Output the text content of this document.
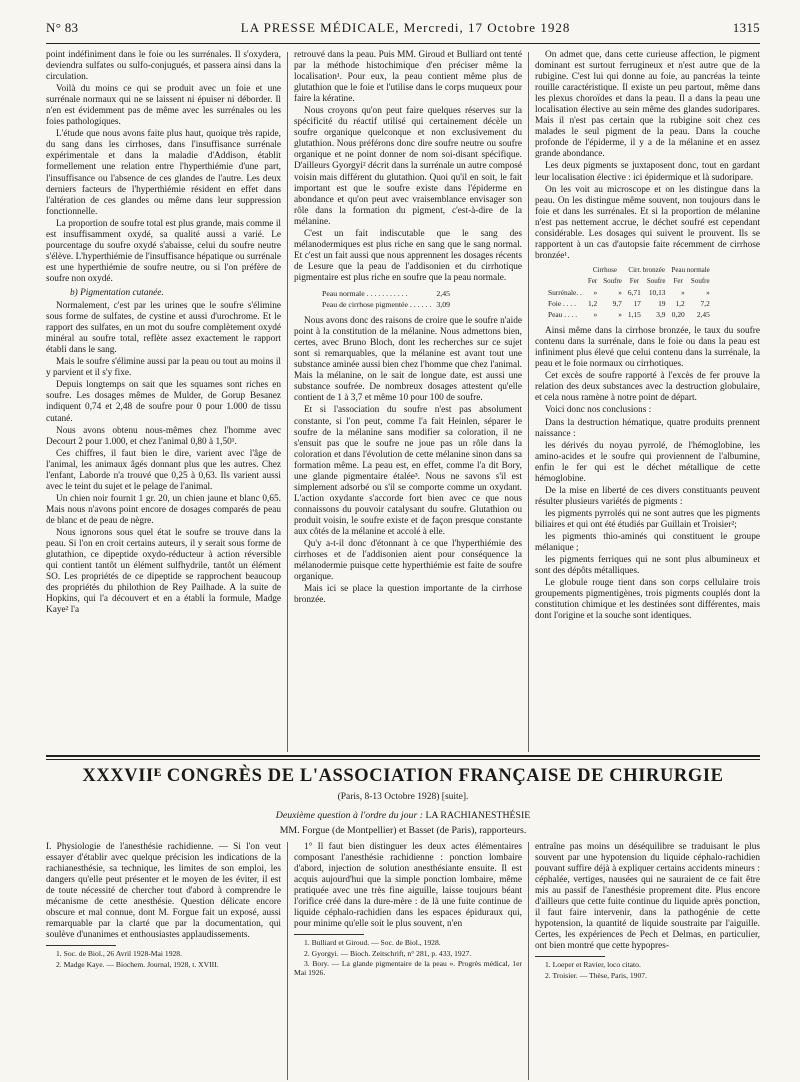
N° 83	LA PRESSE MÉDICALE, Mercredi, 17 Octobre 1928	1315

point indéfiniment dans le foie ou les surrénales. Il s'oxydera, deviendra sulfates ou sulfo-conjugués, et passera ainsi dans la circulation.

Voilà du moins ce qui se produit avec un foie et une surrénale normaux qui ne se laissent ni épuiser ni déborder. Il n'en est évidemment pas de même avec les surrénales ou les foies pathologiques.

L'étude que nous avons faite plus haut, quoique très rapide, du sang dans les cirrhoses, dans l'insuffisance surrénale expérimentale et dans la maladie d'Addison, établit formellement une relation entre l'hyperthiémie d'une part, l'insuffisance ou l'absence de ces glandes de l'autre. Les deux derniers facteurs de l'hyperthiémie résident en effet dans l'altération de ces glandes ou même dans leur suppression fonctionnelle.

La proportion de soufre total est plus grande, mais comme il est insuffisamment oxydé, sa qualité aussi a varié. Le pourcentage du soufre oxydé s'abaisse, celui du soufre neutre s'élève. L'hyperthiémie de l'insuffisance hépatique ou surrénale est une hyperthiémie de soufre neutre, ou si l'on préfère de soufre non oxydé.

b) Pigmentation cutanée.

Normalement, c'est par les urines que le soufre s'élimine sous forme de sulfates, de cystine et aussi d'urochrome. Et le rapport des sulfates, en un mot du soufre complètement oxydé minéral au soufre total, reflète assez exactement le rapport établi dans le sang.

Mais le soufre s'élimine aussi par la peau ou tout au moins il y parvient et il s'y fixe.

Depuis longtemps on sait que les squames sont riches en soufre. Les dosages mêmes de Mulder, de Gorup Besanez indiquent 0,74 et 2,48 de soufre pour 0 pour 1.000 de tissu cutané.

Nous avons obtenu nous-mêmes chez l'homme avec Decourt 2 pour 1.000, et chez l'animal 0,80 à 1,50¹.

Ces chiffres, il faut bien le dire, varient avec l'âge de l'animal, les animaux âgés donnant plus que les autres. Chez l'enfant, Laborde n'a trouvé que 0,25 à 0,63. Ils varient aussi avec le teint du sujet et le pelage de l'animal.

Un chien noir fournit 1 gr. 20, un chien jaune et blanc 0,65. Mais nous n'avons point encore de dosages comparés de peau de blanc et de peau de nègre.

Nous ignorons sous quel état le soufre se trouve dans la peau. Si l'on en croit certains auteurs, il y serait sous forme de glutathion, ce dipeptide oxydo-réducteur à action réversible qui contient tantôt un élément sulfhydrile, tantôt un élément SO. Les propriétés de ce dipeptide se rapprochent beaucoup des propriétés du philothion de Rey Pailhade. A la suite de Hopkins, qui l'a découvert et en a établi la formule, Madge Kaye² l'a

retrouvé dans la peau. Puis MM. Giroud et Bulliard ont tenté par la méthode histochimique d'en préciser même la localisation¹. Pour eux, la peau contient même plus de glutathion que le foie et l'utilise dans le corps muqueux pour faire la kératine.

Nous croyons qu'on peut faire quelques réserves sur la spécificité du réactif utilisé qui certainement décèle un soufre organique quelconque et non exclusivement du glutathion. Nous préférons donc dire soufre neutre ou soufre organique et ne point donner de nom soi-disant spécifique. D'ailleurs Gyorgyi² décrit dans la surrénale un autre composé voisin mais différent du glutathion. Quoi qu'il en soit, le fait important est que le soufre existe dans l'épiderme en abondance et qu'on peut avec vraisemblance envisager son rôle dans la formation du pigment, c'est-à-dire de la mélanine.

C'est un fait indiscutable que le sang des mélanodermiques est plus riche en sang que le sang normal. Et c'est un fait aussi que nous apprennent les dosages récents de Lesure que la peau de l'addisonien et du cirrhotique pigmentaire est plus riche en soufre que la peau normale.

Peau normale . . . . . . . . . . .	2,45
Peau de cirrhose pigmentée . . . . . .	3,09

Nous avons donc des raisons de croire que le soufre n'aide point à la constitution de la mélanine. Nous admettons bien, certes, avec Bruno Bloch, dont les recherches sur ce sujet sont si remarquables, que la mélanine est avant tout une substance aminée aussi bien chez l'homme que chez l'animal. Mais la mélanine, on le sait de longue date, est aussi une substance soufrée. De nombreux dosages attestent qu'elle contient de 1 à 3,7 et même 10 pour 100 de soufre.

Et si l'association du soufre n'est pas absolument constante, si l'on peut, comme l'a fait Heinlen, séparer le soufre de la mélanine sans modifier sa coloration, il ne s'ensuit pas que le soufre ne joue pas un rôle dans la coloration et dans l'évolution de cette mélanine sinon dans sa formation même. La peau est, en effet, comme l'a dit Bory, une glande pigmentaire étalée³. Nous ne savons s'il est simplement adsorbé ou s'il se comporte comme un oxydant. L'action oxydante s'accorde fort bien avec ce que nous connaissons du pouvoir catalysant du soufre. Glutathion ou produit voisin, le soufre existe et de façon presque constante aux côtés de la mélanine et accolé à elle.

Qu'y a-t-il donc d'étonnant à ce que l'hyperthiémie des cirrhoses et de l'addisonien aient pour conséquence la mélanodermie puisque cette hyperthiémie est faite de soufre organique.

Mais ici se place la question importante de la cirrhose bronzée.

On admet que, dans cette curieuse affection, le pigment dominant est surtout ferrugineux et n'est autre que de la rubigine. C'est lui qui donne au foie, au pancréas la teinte rouille caractéristique. Il existe un peu partout, même dans les plexus choroïdes et dans la peau. Il a dans la peau une localisation élective au sein même des glandes sudoripares. Mais il n'est pas certain que la rubigine soit chez ces malades le seul pigment de la peau. Dans la couche profonde de l'épiderme, il y a de la mélanine et en assez grande abondance.

Les deux pigments se juxtaposent donc, tout en gardant leur localisation élective : ici épidermique et là sudoripare.

On les voit au microscope et on les distingue dans la peau. On les distingue même souvent, non toujours dans le foie et dans les surrénales. Et si la proportion de mélanine n'est pas nettement accrue, le déchet soufré est cependant considérable. Les dosages qui suivent le prouvent. Ils se rapportent à un cas d'autopsie faite récemment de cirrhose bronzée¹.

	Cirrhose		Cirr. bronzée		Peau normale	
	Fer	Soufre	Fer	Soufre	Fer	Soufre
Surrénale. .	»	»	6,71	10,13	»	»
Foie . . . .	1,2	9,7	17	19	1,2	7,2
Peau . . . .	»	»	1,15	3,9	0,20	2,45

Ainsi même dans la cirrhose bronzée, le taux du soufre contenu dans la surrénale, dans le foie ou dans la peau est infiniment plus élevé que celui contenu dans la surrénale, la peau et le foie normaux ou cirrhotiques.

Cet excès de soufre rapporté à l'excès de fer prouve la relation des deux substances avec la destruction globulaire, et cela nous ramène à notre point de départ.

Voici donc nos conclusions :

Dans la destruction hématique, quatre produits prennent naissance :

les dérivés du noyau pyrrolé, de l'hémoglobine, les amino-acides et le soufre qui proviennent de l'albumine, enfin le fer qui est le déchet métallique de cette hémoglobine.

De la mise en liberté de ces divers constituants peuvent résulter plusieurs variétés de pigments :

les pigments pyrrolés qui ne sont autres que les pigments biliaires et qui ont été étudiés par Guillain et Troisier²;

les pigments thio-aminés qui constituent le groupe mélanique ;

les pigments ferriques qui ne sont plus albumineux et sont des dépôts métalliques.

Le globule rouge tient dans son corps cellulaire trois groupements pigmentigènes, trois pigments couplés dont la constitution chimique et les destinées sont différentes, mais dont l'origine et la souche sont identiques.

XXXVIIᴱ CONGRÈS DE L'ASSOCIATION FRANÇAISE DE CHIRURGIE
(Paris, 8-13 Octobre 1928) [suite].
Deuxième question à l'ordre du jour : LA RACHIANESTHÉSIE
MM. Forgue (de Montpellier) et Basset (de Paris), rapporteurs.

I. Physiologie de l'anesthésie rachidienne. — Si l'on veut essayer d'établir avec quelque précision les indications de la rachianesthésie, sa technique, les limites de son emploi, les dangers qu'elle peut présenter et le moyen de les éviter, il est de toute nécessité de chercher tout d'abord à comprendre le mécanisme de cette anesthésie. Question délicate encore obscure et mal connue, dont M. Forgue fait un exposé, aussi remarquable par la clarté que par la documentation, qui soulève d'unanimes et enthousiastes applaudissements.

1. Soc. de Biol., 26 Avril 1928-Mai 1928.

2. Madge Kaye. — Biochem. Journal, 1928, t. XVIII.

1° Il faut bien distinguer les deux actes élémentaires composant l'anesthésie rachidienne : ponction lombaire d'abord, injection de solution anesthésiante ensuite. Il est acquis aujourd'hui que la simple ponction lombaire, même pratiquée avec une très fine aiguille, laisse toujours béant l'orifice créé dans la dure-mère : de là une fuite continue de liquide céphalo-rachidien dans les espaces épiduraux qui, pour minime qu'elle soit le plus souvent, n'en

1. Bulliard et Giroud. — Soc. de Biol., 1928.

2. Gyorgyi. — Bioch. Zeitschrift, n° 281, p. 433, 1927.

3. Bory. — La glande pigmentaire de la peau ». Progrès médical, 1er Mai 1926.

entraîne pas moins un déséquilibre se traduisant le plus souvent par une hypotension du liquide céphalo-rachidien pouvant suffire déjà à expliquer certains accidents mineurs : céphalée, vertiges, nausées qui ne sauraient de ce fait être mis au passif de l'anesthésie proprement dite. Plus encore d'ailleurs que cette fuite continue du liquide après ponction, il faut faire intervenir, dans la pathogénie de cette hypotension, la quantité de liquide soustraite par l'aiguille. Certes, les expériences de Pech et Delmas, en particulier, ont bien montré que cette hypopres-

1. Loeper et Ravier, loco citato.

2. Troisier. — Thèse, Paris, 1907.
